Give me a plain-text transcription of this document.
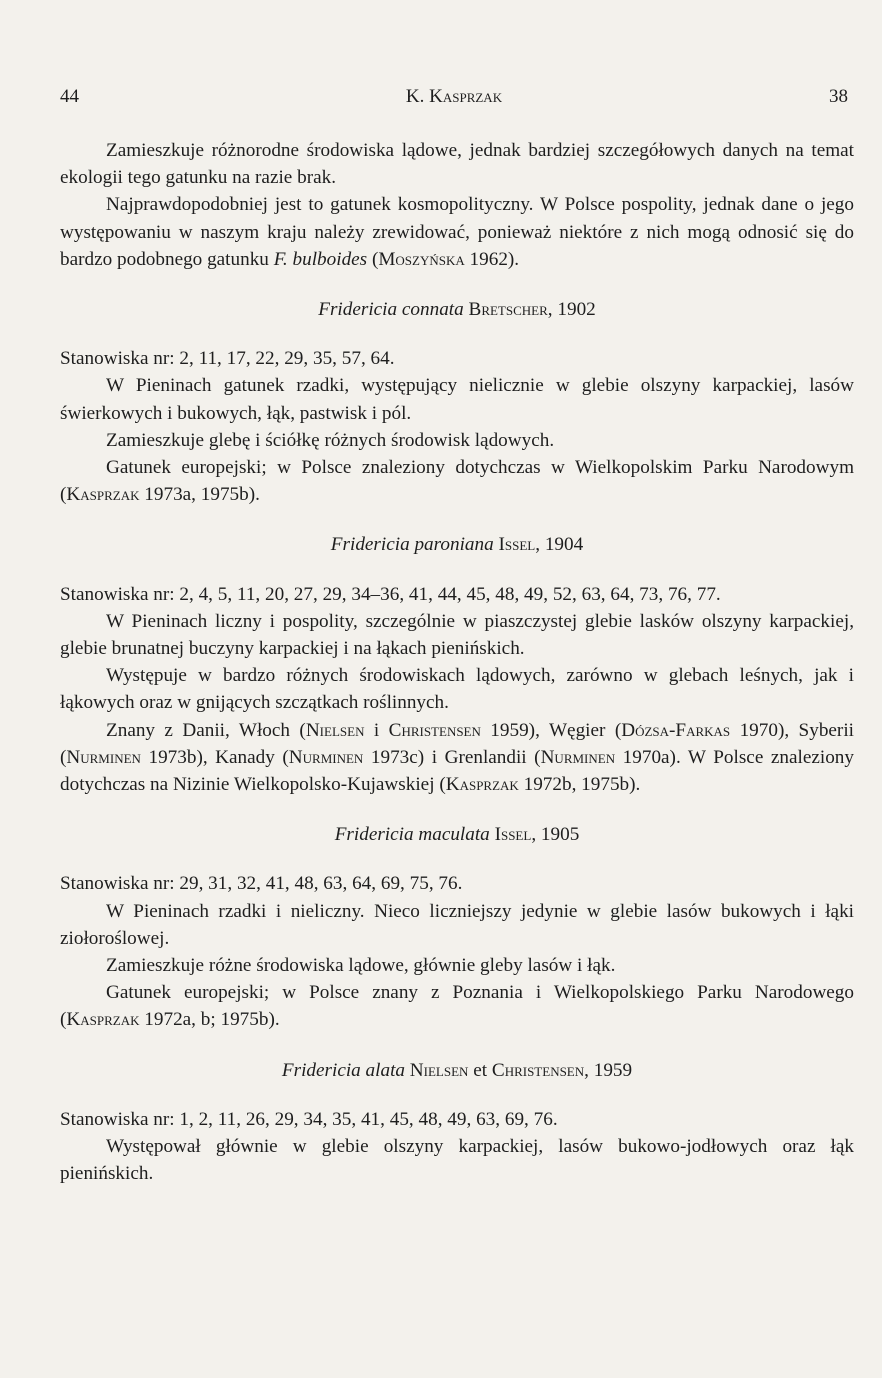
44	K. Kasprzak	38

Zamieszkuje różnorodne środowiska lądowe, jednak bardziej szczegółowych danych na temat ekologii tego gatunku na razie brak.

Najprawdopodobniej jest to gatunek kosmopolityczny. W Polsce pospolity, jednak dane o jego występowaniu w naszym kraju należy zrewidować, ponieważ niektóre z nich mogą odnosić się do bardzo podobnego gatunku F. bulboides (Moszyńska 1962).

Fridericia connata Bretscher, 1902

Stanowiska nr: 2, 11, 17, 22, 29, 35, 57, 64.

W Pieninach gatunek rzadki, występujący nielicznie w glebie olszyny karpackiej, lasów świerkowych i bukowych, łąk, pastwisk i pól.

Zamieszkuje glebę i ściółkę różnych środowisk lądowych.

Gatunek europejski; w Polsce znaleziony dotychczas w Wielkopolskim Parku Narodowym (Kasprzak 1973a, 1975b).

Fridericia paroniana Issel, 1904

Stanowiska nr: 2, 4, 5, 11, 20, 27, 29, 34–36, 41, 44, 45, 48, 49, 52, 63, 64, 73, 76, 77.

W Pieninach liczny i pospolity, szczególnie w piaszczystej glebie lasków olszyny karpackiej, glebie brunatnej buczyny karpackiej i na łąkach pienińskich.

Występuje w bardzo różnych środowiskach lądowych, zarówno w glebach leśnych, jak i łąkowych oraz w gnijących szczątkach roślinnych.

Znany z Danii, Włoch (Nielsen i Christensen 1959), Węgier (Dózsa-Farkas 1970), Syberii (Nurminen 1973b), Kanady (Nurminen 1973c) i Grenlandii (Nurminen 1970a). W Polsce znaleziony dotychczas na Nizinie Wielkopolsko-Kujawskiej (Kasprzak 1972b, 1975b).

Fridericia maculata Issel, 1905

Stanowiska nr: 29, 31, 32, 41, 48, 63, 64, 69, 75, 76.

W Pieninach rzadki i nieliczny. Nieco liczniejszy jedynie w glebie lasów bukowych i łąki ziołoroślowej.

Zamieszkuje różne środowiska lądowe, głównie gleby lasów i łąk.

Gatunek europejski; w Polsce znany z Poznania i Wielkopolskiego Parku Narodowego (Kasprzak 1972a, b; 1975b).

Fridericia alata Nielsen et Christensen, 1959

Stanowiska nr: 1, 2, 11, 26, 29, 34, 35, 41, 45, 48, 49, 63, 69, 76.

Występował głównie w glebie olszyny karpackiej, lasów bukowo-jodłowych oraz łąk pienińskich.
